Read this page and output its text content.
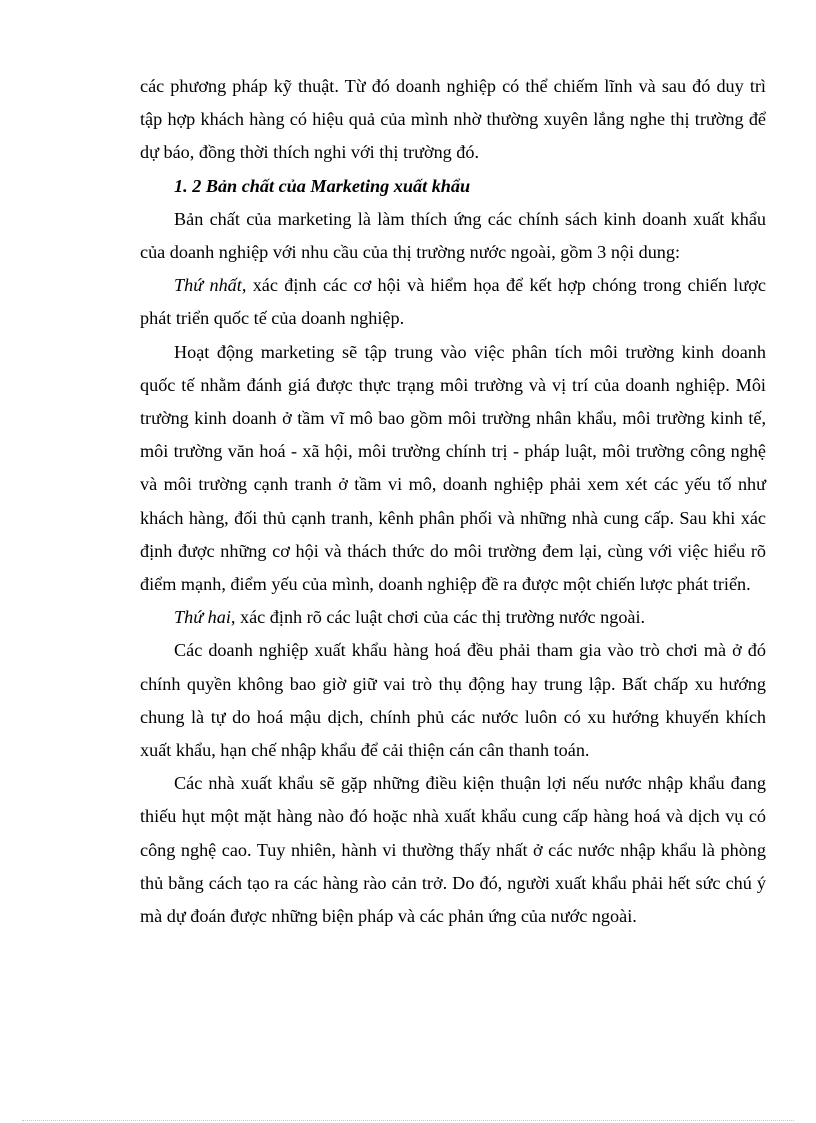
các phương pháp kỹ thuật. Từ đó doanh nghiệp có thể chiếm lĩnh và sau đó duy trì tập hợp khách hàng có hiệu quả của mình nhờ thường xuyên lắng nghe thị trường để dự báo, đồng thời thích nghi với thị trường đó.

1. 2 Bản chất của Marketing xuất khẩu

Bản chất của marketing là làm thích ứng các chính sách kinh doanh xuất khẩu của doanh nghiệp với nhu cầu của thị trường nước ngoài, gồm 3 nội dung:

Thứ nhất, xác định các cơ hội và hiểm họa để kết hợp chóng trong chiến lược phát triển quốc tế của doanh nghiệp.

Hoạt động marketing sẽ tập trung vào việc phân tích môi trường kinh doanh quốc tế nhằm đánh giá được thực trạng môi trường và vị trí của doanh nghiệp. Môi trường kinh doanh ở tầm vĩ mô bao gồm môi trường nhân khẩu, môi trường kinh tế, môi trường văn hoá - xã hội, môi trường chính trị - pháp luật, môi trường công nghệ và môi trường cạnh tranh ở tầm vi mô, doanh nghiệp phải xem xét các yếu tố như khách hàng, đối thủ cạnh tranh, kênh phân phối và những nhà cung cấp. Sau khi xác định được những cơ hội và thách thức do môi trường đem lại, cùng với việc hiểu rõ điểm mạnh, điểm yếu của mình, doanh nghiệp đề ra được một chiến lược phát triển.

Thứ hai, xác định rõ các luật chơi của các thị trường nước ngoài.

Các doanh nghiệp xuất khẩu hàng hoá đều phải tham gia vào trò chơi mà ở đó chính quyền không bao giờ giữ vai trò thụ động hay trung lập. Bất chấp xu hướng chung là tự do hoá mậu dịch, chính phủ các nước luôn có xu hướng khuyến khích xuất khẩu, hạn chế nhập khẩu để cải thiện cán cân thanh toán.

Các nhà xuất khẩu sẽ gặp những điều kiện thuận lợi nếu nước nhập khẩu đang thiếu hụt một mặt hàng nào đó hoặc nhà xuất khẩu cung cấp hàng hoá và dịch vụ có công nghệ cao. Tuy nhiên, hành vi thường thấy nhất ở các nước nhập khẩu là phòng thủ bằng cách tạo ra các hàng rào cản trở. Do đó, người xuất khẩu phải hết sức chú ý mà dự đoán được những biện pháp và các phản ứng của nước ngoài.
